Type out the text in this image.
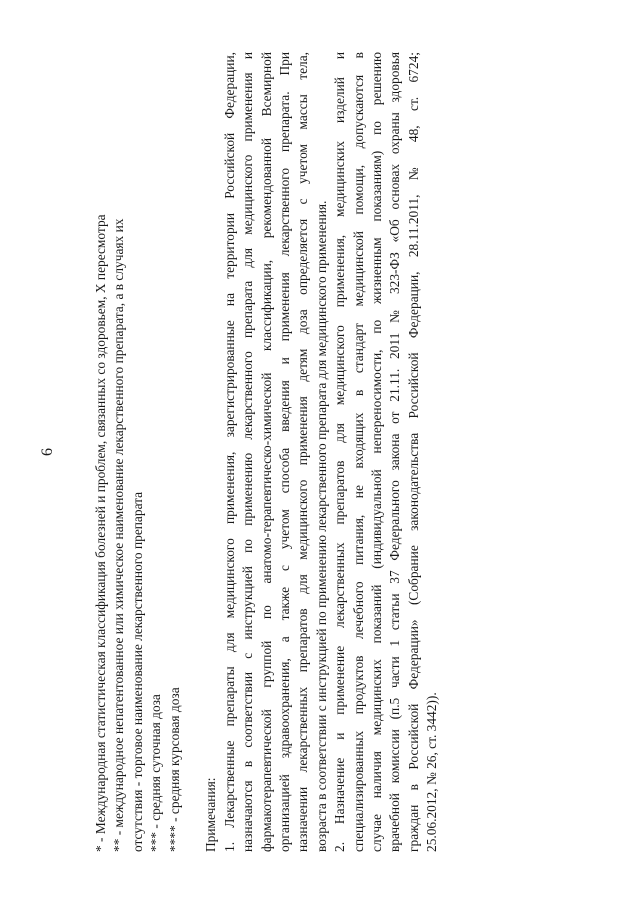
6	* - Международная статистическая классификация болезней и проблем, связанных со здоровьем, X пересмотра ** - международное непатентованное или химическое наименование лекарственного препарата, а в случаях их отсутствия - торговое наименование лекарственного препарата *** - средняя суточная доза **** - средняя курсовая доза Примечания: 1. Лекарственные препараты для медицинского применения, зарегистрированные на территории Российской Федерации, назначаются в соответствии с инструкцией по применению лекарственного препарата для медицинского применения и фармакотерапевтической группой по анатомо-терапевтическо-химической классификации, рекомендованной Всемирной организацией здравоохранения, а также с учетом способа введения и применения лекарственного препарата. При назначении лекарственных препаратов для медицинского применения детям доза определяется с учетом массы тела, возраста в соответствии с инструкцией по применению лекарственного препарата для медицинского применения. 2. Назначение и применение лекарственных препаратов для медицинского применения, медицинских изделий и специализированных продуктов лечебного питания, не входящих в стандарт медицинской помощи, допускаются в случае наличия медицинских показаний (индивидуальной непереносимости, по жизненным показаниям) по решению врачебной комиссии (п.5 части 1 статьи 37 Федерального закона от 21.11. 2011 № 323-ФЗ «Об основах охраны здоровья граждан в Российской Федерации» (Собрание законодательства Российской Федерации, 28.11.2011, № 48, ст. 6724; 25.06.2012, № 26, ст. 3442)).
